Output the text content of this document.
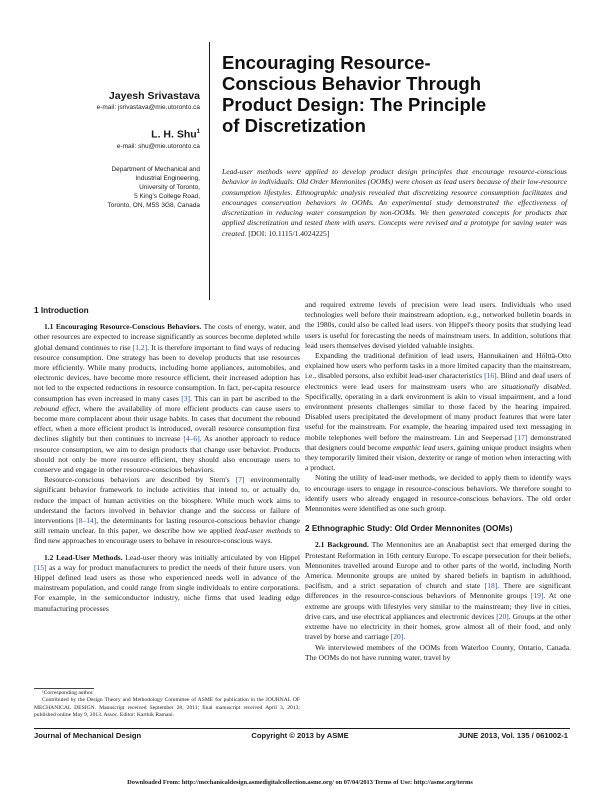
Jayesh Srivastava
e-mail: jsrivastava@mie.utoronto.ca
L. H. Shu$^1$
e-mail: shu@mie.utoronto.ca
Department of Mechanical and
Industrial Engineering,
University of Toronto,
5 King's College Road,
Toronto, ON, M5S 3G8, Canada
Encouraging Resource-
Conscious Behavior Through
Product Design: The Principle
of Discretization
Lead-user methods were applied to develop product design principles that encourage resource-conscious behavior in individuals. Old Order Mennonites (OOMs) were chosen as lead users because of their low-resource consumption lifestyles. Ethnographic analysis revealed that discretizing resource consumption facilitates and encourages conservation behaviors in OOMs. An experimental study demonstrated the effectiveness of discretization in reducing water consumption by non-OOMs. We then generated concepts for products that applied discretization and tested them with users. Concepts were revised and a prototype for saving water was created. [DOI: 10.1115/1.4024225]
1 Introduction

1.1 Encouraging Resource-Conscious Behaviors. The costs of energy, water, and other resources are expected to increase significantly as sources become depleted while global demand continues to rise [1,2]. It is therefore important to find ways of reducing resource consumption. One strategy has been to develop products that use resources more efficiently. While many products, including home appliances, automobiles, and electronic devices, have become more resource efficient, their increased adoption has not led to the expected reductions in resource consumption. In fact, per-capita resource consumption has even increased in many cases [3]. This can in part be ascribed to the rebound effect, where the availability of more efficient products can cause users to become more complacent about their usage habits. In cases that document the rebound effect, when a more efficient product is introduced, overall resource consumption first declines slightly but then continues to increase [4–6]. As another approach to reduce resource consumption, we aim to design products that change user behavior. Products should not only be more resource efficient, they should also encourage users to conserve and engage in other resource-conscious behaviors.

Resource-conscious behaviors are described by Stern's [7] environmentally significant behavior framework to include activities that intend to, or actually do, reduce the impact of human activities on the biosphere. While much work aims to understand the factors involved in behavior change and the success or failure of interventions [8–14], the determinants for lasting resource-conscious behavior change still remain unclear. In this paper, we describe how we applied lead-user methods to find new approaches to encourage users to behave in resource-conscious ways.

1.2 Lead-User Methods. Lead-user theory was initially articulated by von Hippel [15] as a way for product manufacturers to predict the needs of their future users. von Hippel defined lead users as those who experienced needs well in advance of the mainstream population, and could range from single individuals to entire corporations. For example, in the semiconductor industry, niche firms that used leading edge manufacturing processes

and required extreme levels of precision were lead users. Individuals who used technologies well before their mainstream adoption, e.g., networked bulletin boards in the 1980s, could also be called lead users. von Hippel's theory posits that studying lead users is useful for forecasting the needs of mainstream users. In addition, solutions that lead users themselves devised yielded valuable insights.

Expanding the traditional definition of lead users, Hannukainen and Hölttä-Otto explained how users who perform tasks in a more limited capacity than the mainstream, i.e., disabled persons, also exhibit lead-user characteristics [16]. Blind and deaf users of electronics were lead users for mainstream users who are situationally disabled. Specifically, operating in a dark environment is akin to visual impairment, and a loud environment presents challenges similar to those faced by the hearing impaired. Disabled users precipitated the development of many product features that were later useful for the mainstream. For example, the hearing impaired used text messaging in mobile telephones well before the mainstream. Lin and Seepersad [17] demonstrated that designers could become empathic lead users, gaining unique product insights when they temporarily limited their vision, dexterity or range of motion when interacting with a product.

Noting the utility of lead-user methods, we decided to apply them to identify ways to encourage users to engage in resource-conscious behaviors. We therefore sought to identify users who already engaged in resource-conscious behaviors. The old order Mennonites were identified as one such group.

2 Ethnographic Study: Old Order Mennonites (OOMs)

2.1 Background. The Mennonites are an Anabaptist sect that emerged during the Protestant Reformation in 16th century Europe. To escape persecution for their beliefs, Mennonites travelled around Europe and to other parts of the world, including North America. Mennonite groups are united by shared beliefs in baptism in adulthood, pacifism, and a strict separation of church and state [18]. There are significant differences in the resource-conscious behaviors of Mennonite groups [19]. At one extreme are groups with lifestyles very similar to the mainstream; they live in cities, drive cars, and use electrical appliances and electronic devices [20]. Groups at the other extreme have no electricity in their homes, grow almost all of their food, and only travel by horse and carriage [20].

We interviewed members of the OOMs from Waterloo County, Ontario, Canada. The OOMs do not have running water, travel by

¹Corresponding author.

Contributed by the Design Theory and Methodology Committee of ASME for publication in the JOURNAL OF MECHANICAL DESIGN. Manuscript received September 28, 2011; final manuscript received April 3, 2013; published online May 9, 2013. Assoc. Editor: Karthik Ramani.

Journal of Mechanical Design	Copyright © 2013 by ASME	JUNE 2013, Vol. 135 / 061002-1
Downloaded From: http://mechanicaldesign.asmedigitalcollection.asme.org/ on 07/04/2013 Terms of Use: http://asme.org/terms
